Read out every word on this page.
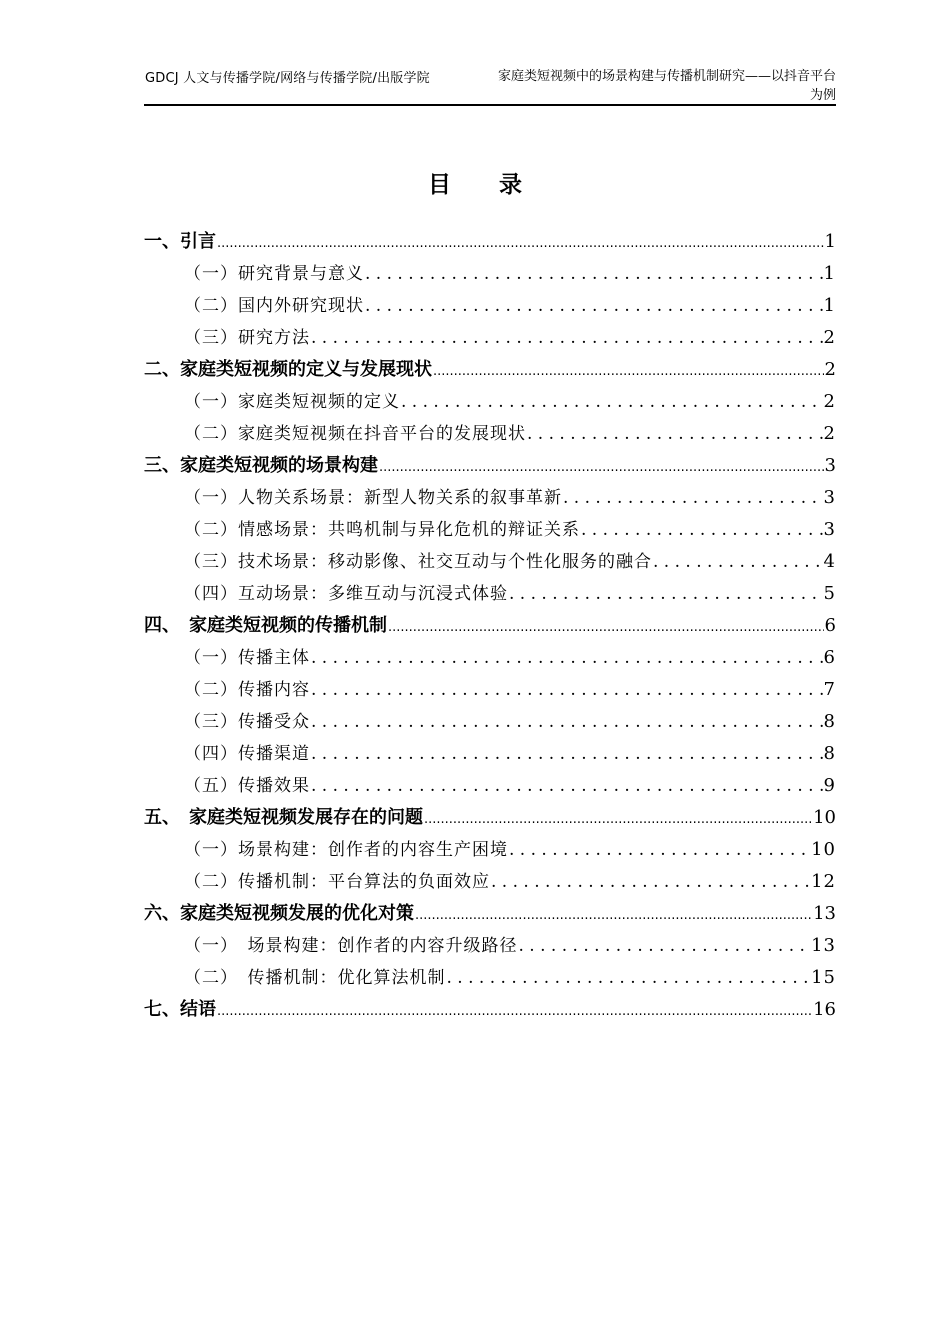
GDCJ 人文与传播学院/网络与传播学院/出版学院	家庭类短视频中的场景构建与传播机制研究——以抖音平台为例
目 录
一、引言 .....	1
（一）研究背景与意义 . . .	1
（二）国内外研究现状 . . .	1
（三）研究方法 . . .	2
二、家庭类短视频的定义与发展现状 .....	2
（一）家庭类短视频的定义 . . .	2
（二）家庭类短视频在抖音平台的发展现状 . . .	2
三、家庭类短视频的场景构建 .....	3
（一）人物关系场景：新型人物关系的叙事革新 . . .	3
（二）情感场景：共鸣机制与异化危机的辩证关系 . . .	3
（三）技术场景：移动影像、社交互动与个性化服务的融合 . . .	4
（四）互动场景：多维互动与沉浸式体验 . . .	5
四、　家庭类短视频的传播机制 .....	6
（一）传播主体 . . .	6
（二）传播内容 . . .	7
（三）传播受众 . . .	8
（四）传播渠道 . . .	8
（五）传播效果 . . .	9
五、　家庭类短视频发展存在的问题 .....	10
（一）场景构建：创作者的内容生产困境 . . .	10
（二）传播机制：平台算法的负面效应 . . .	12
六、家庭类短视频发展的优化对策 .....	13
（一）　场景构建：创作者的内容升级路径 . . .	13
（二）　传播机制：优化算法机制 . . .	15
七、结语 .....	16
